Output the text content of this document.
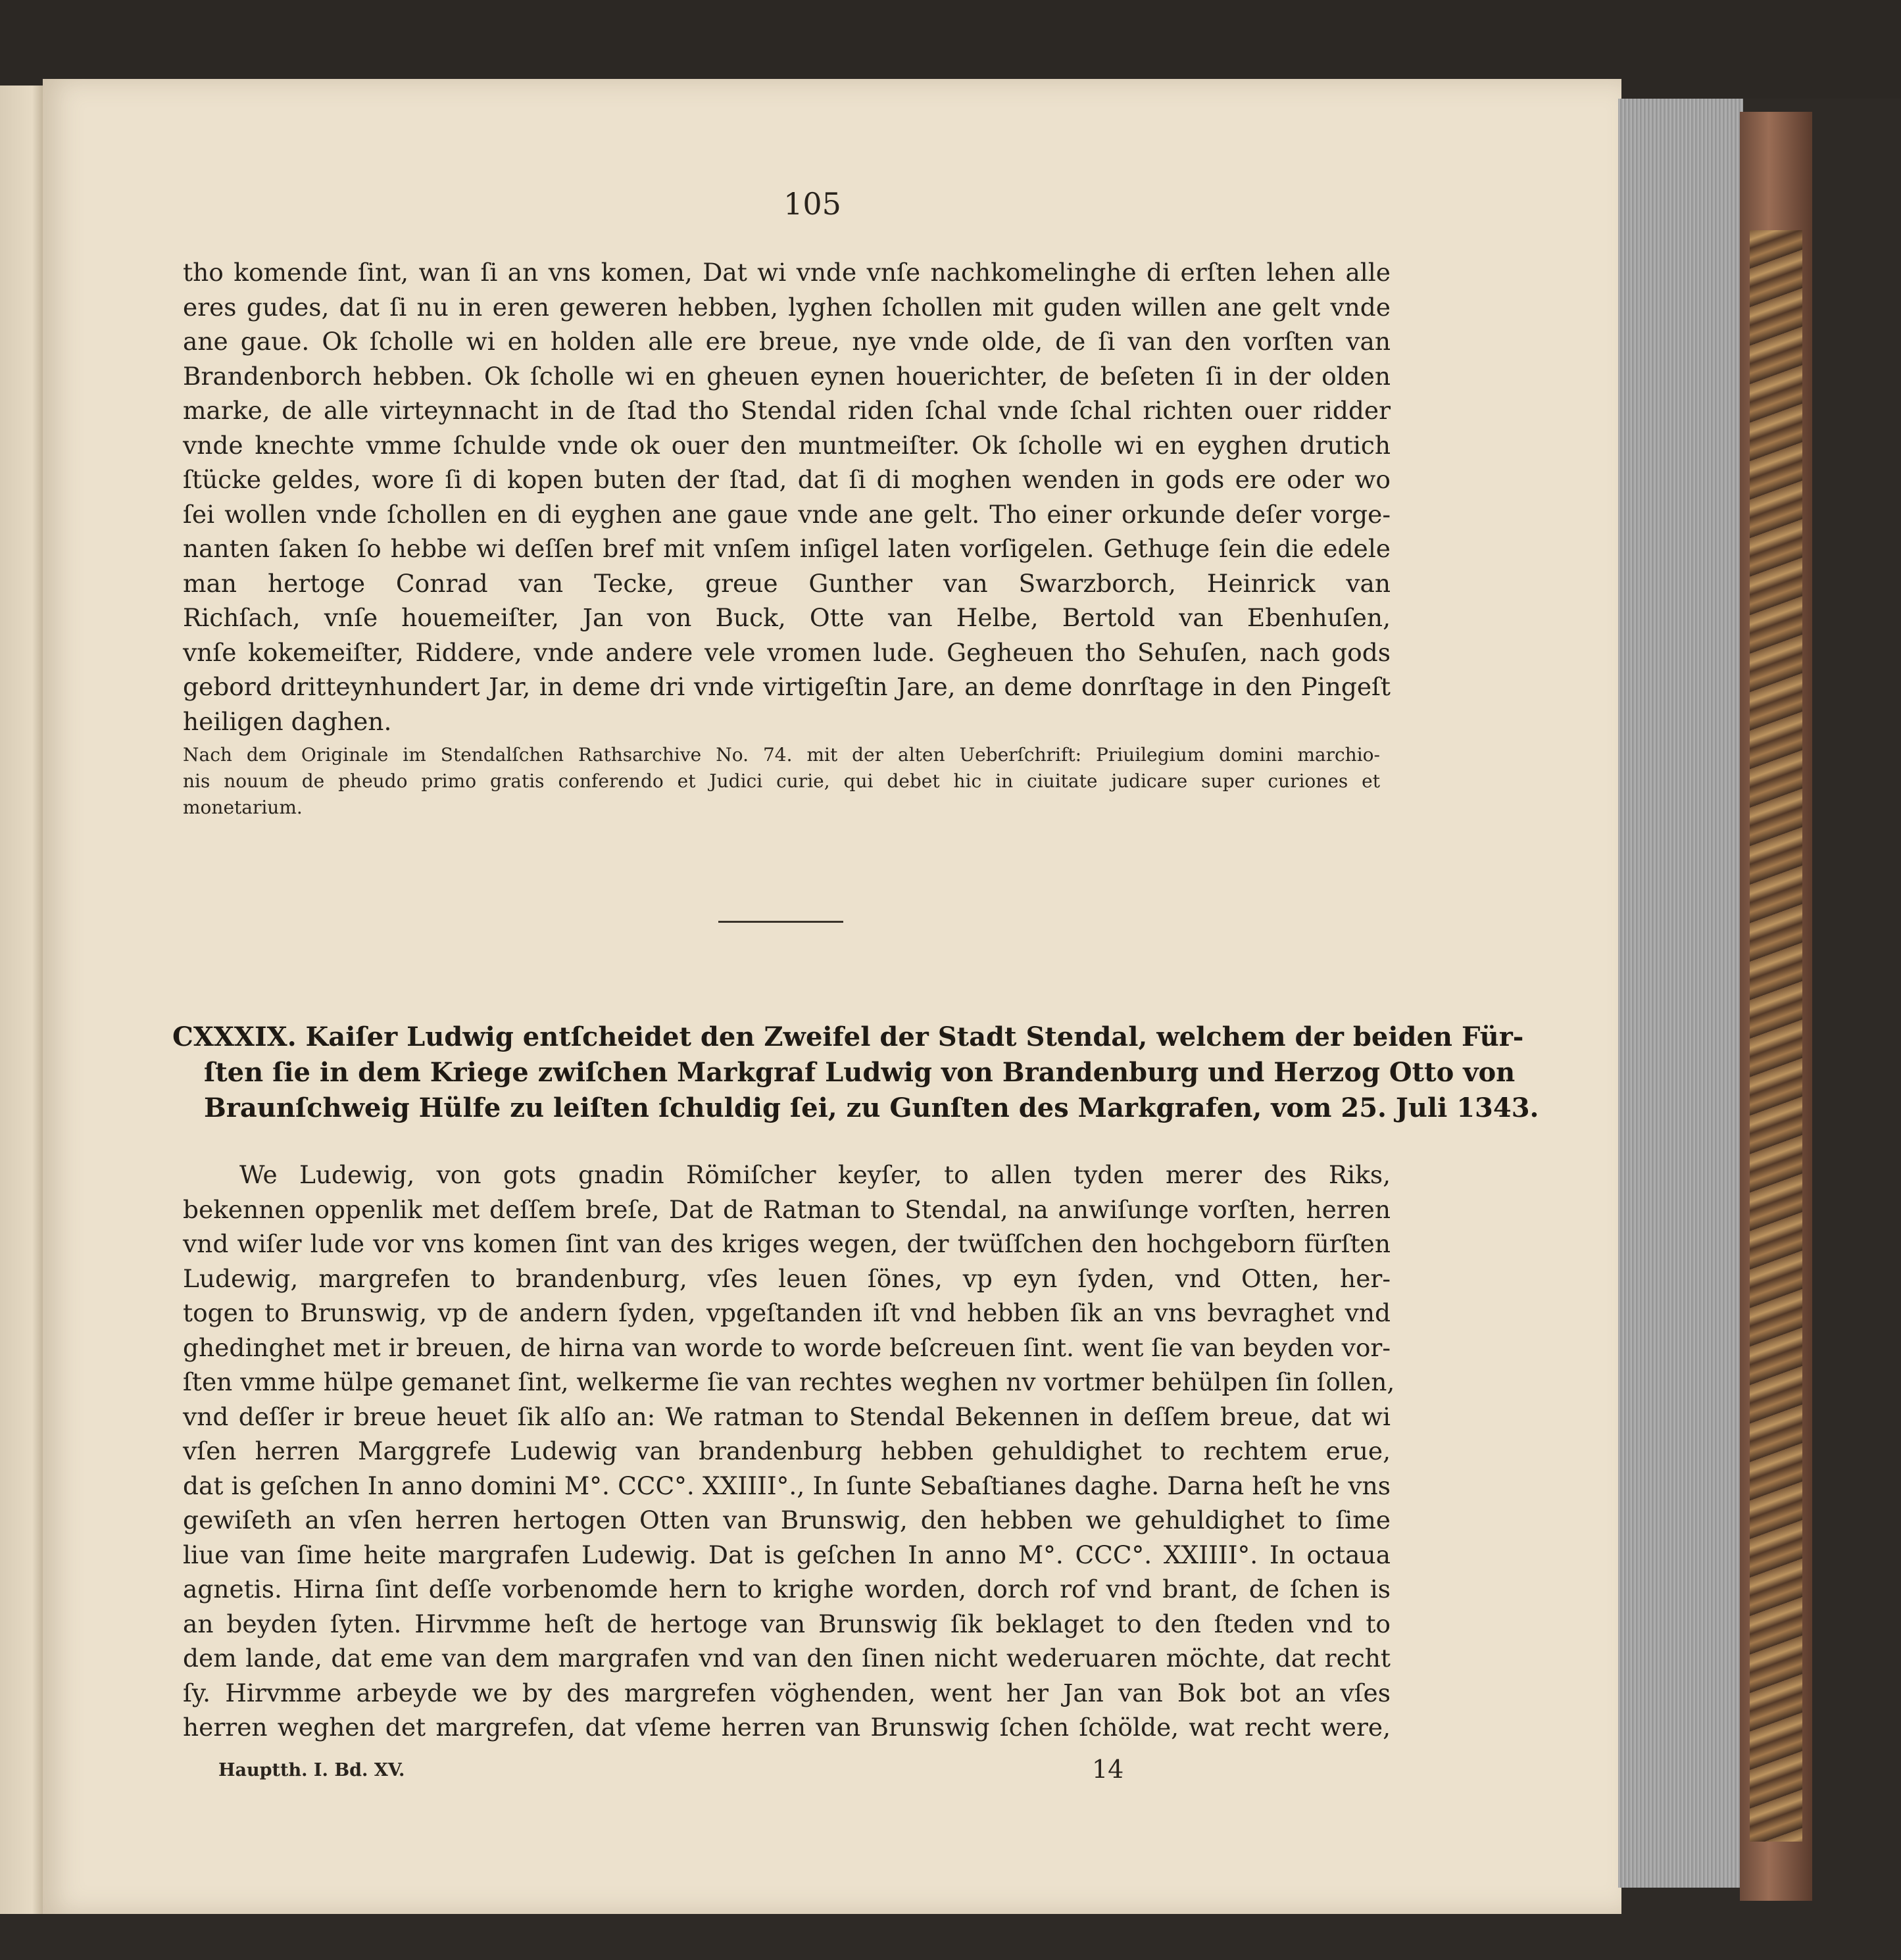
105
tho komende ſint, wan ſi an vns komen, Dat wi vnde vnſe nachkomelinghe di erſten lehen alle
eres gudes, dat ſi nu in eren geweren hebben, lyghen ſchollen mit guden willen ane gelt vnde
ane gaue. Ok ſcholle wi en holden alle ere breue, nye vnde olde, de ſi van den vorſten van
Brandenborch hebben. Ok ſcholle wi en gheuen eynen houerichter, de beſeten ſi in der olden
marke, de alle virteynnacht in de ſtad tho Stendal riden ſchal vnde ſchal richten ouer ridder
vnde knechte vmme ſchulde vnde ok ouer den muntmeiſter. Ok ſcholle wi en eyghen drutich
ſtücke geldes, wore ſi di kopen buten der ſtad, dat ſi di moghen wenden in gods ere oder wo
ſei wollen vnde ſchollen en di eyghen ane gaue vnde ane gelt. Tho einer orkunde deſer vorge-
nanten ſaken ſo hebbe wi deſſen bref mit vnſem inſigel laten vorſigelen. Gethuge ſein die edele
man hertoge Conrad van Tecke, greue Gunther van Swarzborch, Heinrick van
Richſach, vnſe houemeiſter, Jan von Buck, Otte van Helbe, Bertold van Ebenhuſen,
vnſe kokemeiſter, Riddere, vnde andere vele vromen lude. Gegheuen tho Sehuſen, nach gods
gebord dritteynhundert Jar, in deme dri vnde virtigeſtin Jare, an deme donrſtage in den Pingeſt
heiligen daghen.
Nach dem Originale im Stendalſchen Rathsarchive No. 74. mit der alten Ueberſchrift: Priuilegium domini marchio-
nis nouum de pheudo primo gratis conferendo et Judici curie, qui debet hic in ciuitate judicare super curiones et
monetarium.
CXXXIX. Kaiſer Ludwig entſcheidet den Zweifel der Stadt Stendal, welchem der beiden Für-
ſten ſie in dem Kriege zwiſchen Markgraf Ludwig von Brandenburg und Herzog Otto von
Braunſchweig Hülfe zu leiſten ſchuldig ſei, zu Gunſten des Markgrafen, vom 25. Juli 1343.
We Ludewig, von gots gnadin Römiſcher keyſer, to allen tyden merer des Riks,
bekennen oppenlik met deſſem breſe, Dat de Ratman to Stendal, na anwiſunge vorſten, herren
vnd wiſer lude vor vns komen ſint van des kriges wegen, der twüſſchen den hochgeborn fürſten
Ludewig, margrefen to brandenburg, vſes leuen ſönes, vp eyn ſyden, vnd Otten, her-
togen to Brunswig, vp de andern ſyden, vpgeſtanden iſt vnd hebben ſik an vns bevraghet vnd
ghedinghet met ir breuen, de hirna van worde to worde beſcreuen ſint. went ſie van beyden vor-
ſten vmme hülpe gemanet ſint, welkerme ſie van rechtes weghen nv vortmer behülpen ſin ſollen,
vnd deſſer ir breue heuet ſik alſo an: We ratman to Stendal Bekennen in deſſem breue, dat wi
vſen herren Marggrefe Ludewig van brandenburg hebben gehuldighet to rechtem erue,
dat is geſchen In anno domini M°. CCC°. XXIIII°., In ſunte Sebaſtianes daghe. Darna heſt he vns
gewiſeth an vſen herren hertogen Otten van Brunswig, den hebben we gehuldighet to ſime
liue van ſime heite margrafen Ludewig. Dat is geſchen In anno M°. CCC°. XXIIII°. In octaua
agnetis. Hirna ſint deſſe vorbenomde hern to krighe worden, dorch rof vnd brant, de ſchen is
an beyden ſyten. Hirvmme heſt de hertoge van Brunswig ſik beklaget to den ſteden vnd to
dem lande, dat eme van dem margrafen vnd van den ſinen nicht wederuaren möchte, dat recht
ſy. Hirvmme arbeyde we by des margrefen vöghenden, went her Jan van Bok bot an vſes
herren weghen det margrefen, dat vſeme herren van Brunswig ſchen ſchölde, wat recht were,
Hauptth. I. Bd. XV.	14
